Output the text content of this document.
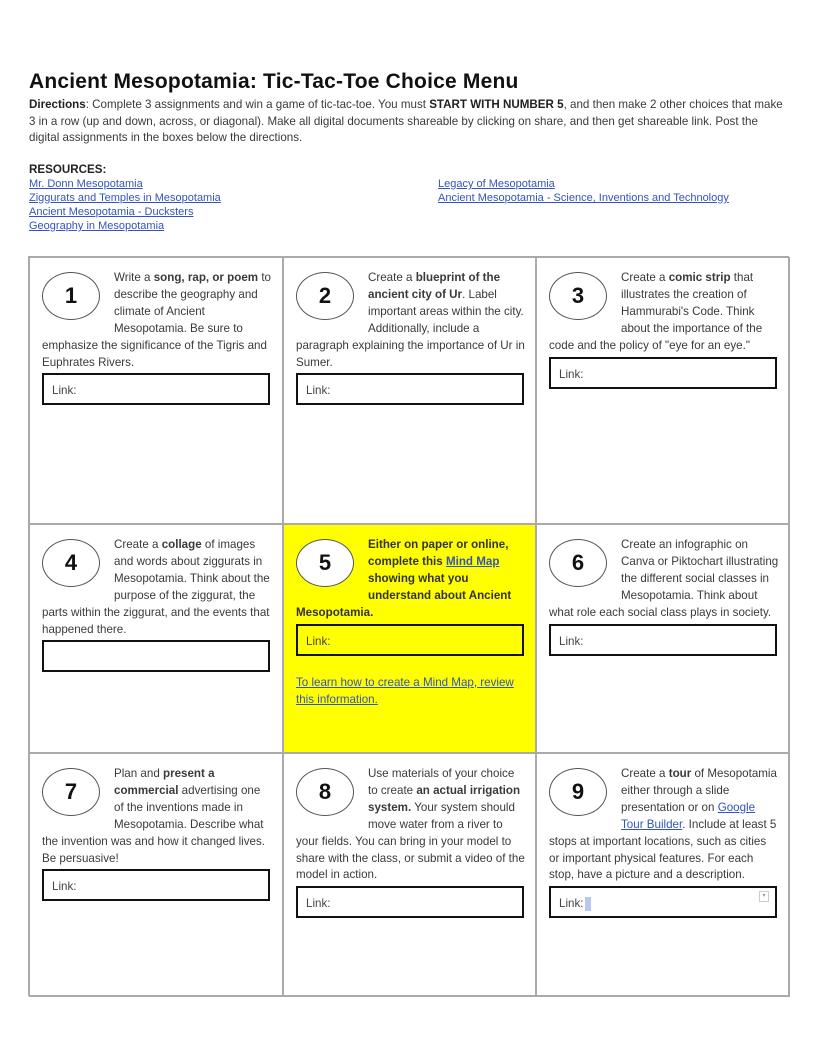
Ancient Mesopotamia: Tic-Tac-Toe Choice Menu
Directions: Complete 3 assignments and win a game of tic-tac-toe. You must START WITH NUMBER 5, and then make 2 other choices that make 3 in a row (up and down, across, or diagonal). Make all digital documents shareable by clicking on share, and then get shareable link. Post the digital assignments in the boxes below the directions.
RESOURCES:
Mr. Donn Mesopotamia
Ziggurats and Temples in Mesopotamia
Ancient Mesopotamia - Ducksters
Geography in Mesopotamia
Legacy of Mesopotamia
Ancient Mesopotamia - Science, Inventions and Technology
1
Write a song, rap, or poem to describe the geography and climate of Ancient Mesopotamia. Be sure to emphasize the significance of the Tigris and Euphrates Rivers.
Link:
2
Create a blueprint of the ancient city of Ur. Label important areas within the city. Additionally, include a paragraph explaining the importance of Ur in Sumer.
Link:
3
Create a comic strip that illustrates the creation of Hammurabi's Code. Think about the importance of the code and the policy of "eye for an eye."
Link:
4
Create a collage of images and words about ziggurats in Mesopotamia. Think about the purpose of the ziggurat, the parts within the ziggurat, and the events that happened there.
5
Either on paper or online, complete this Mind Map showing what you understand about Ancient Mesopotamia.
Link:
To learn how to create a Mind Map, review this information.
6
Create an infographic on Canva or Piktochart illustrating the different social classes in Mesopotamia. Think about what role each social class plays in society.
Link:
7
Plan and present a commercial advertising one of the inventions made in Mesopotamia. Describe what the invention was and how it changed lives. Be persuasive!
Link:
8
Use materials of your choice to create an actual irrigation system. Your system should move water from a river to your fields. You can bring in your model to share with the class, or submit a video of the model in action.
Link:
9
Create a tour of Mesopotamia either through a slide presentation or on Google Tour Builder. Include at least 5 stops at important locations, such as cities or important physical features. For each stop, have a picture and a description.
Link:
▾
